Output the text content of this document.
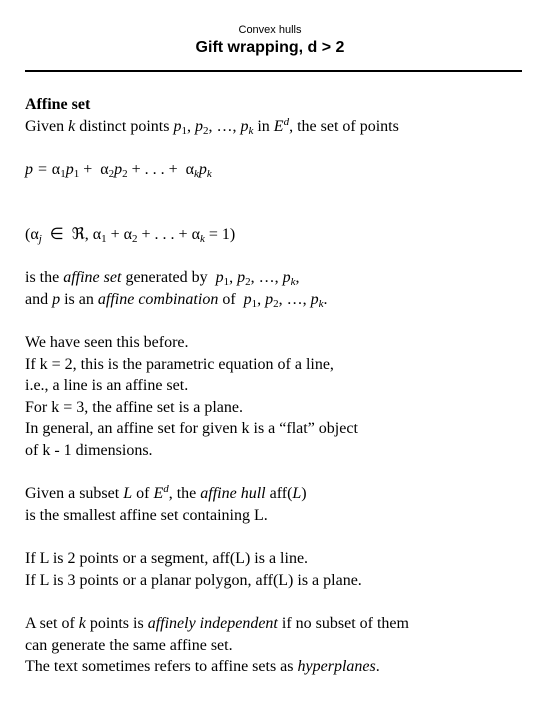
Convex hulls
Gift wrapping, d > 2
Affine set
Given k distinct points $p_1$, $p_2$, …, $p_k$ in $E^d$, the set of points
$p = \alpha_1p_1 + \alpha_2p_2$ + . . . +  $\alpha_kp_k$
($\alpha_j$  ∈  ℜ, $\alpha_1 + \alpha_2$ + . . . + $\alpha_k = 1$)
is the affine set generated by  $p_1$, $p_2$, …, $p_k$,
and p is an affine combination of  $p_1$, $p_2$, …, $p_k$.
We have seen this before.
If k = 2, this is the parametric equation of a line,
i.e., a line is an affine set.
For k = 3, the affine set is a plane.
In general, an affine set for given k is a “flat” object
of k - 1 dimensions.
Given a subset L of $E^d$, the affine hull aff(L)
is the smallest affine set containing L.
If L is 2 points or a segment, aff(L) is a line.
If L is 3 points or a planar polygon, aff(L) is a plane.
A set of k points is affinely independent if no subset of them
can generate the same affine set.
The text sometimes refers to affine sets as hyperplanes.
